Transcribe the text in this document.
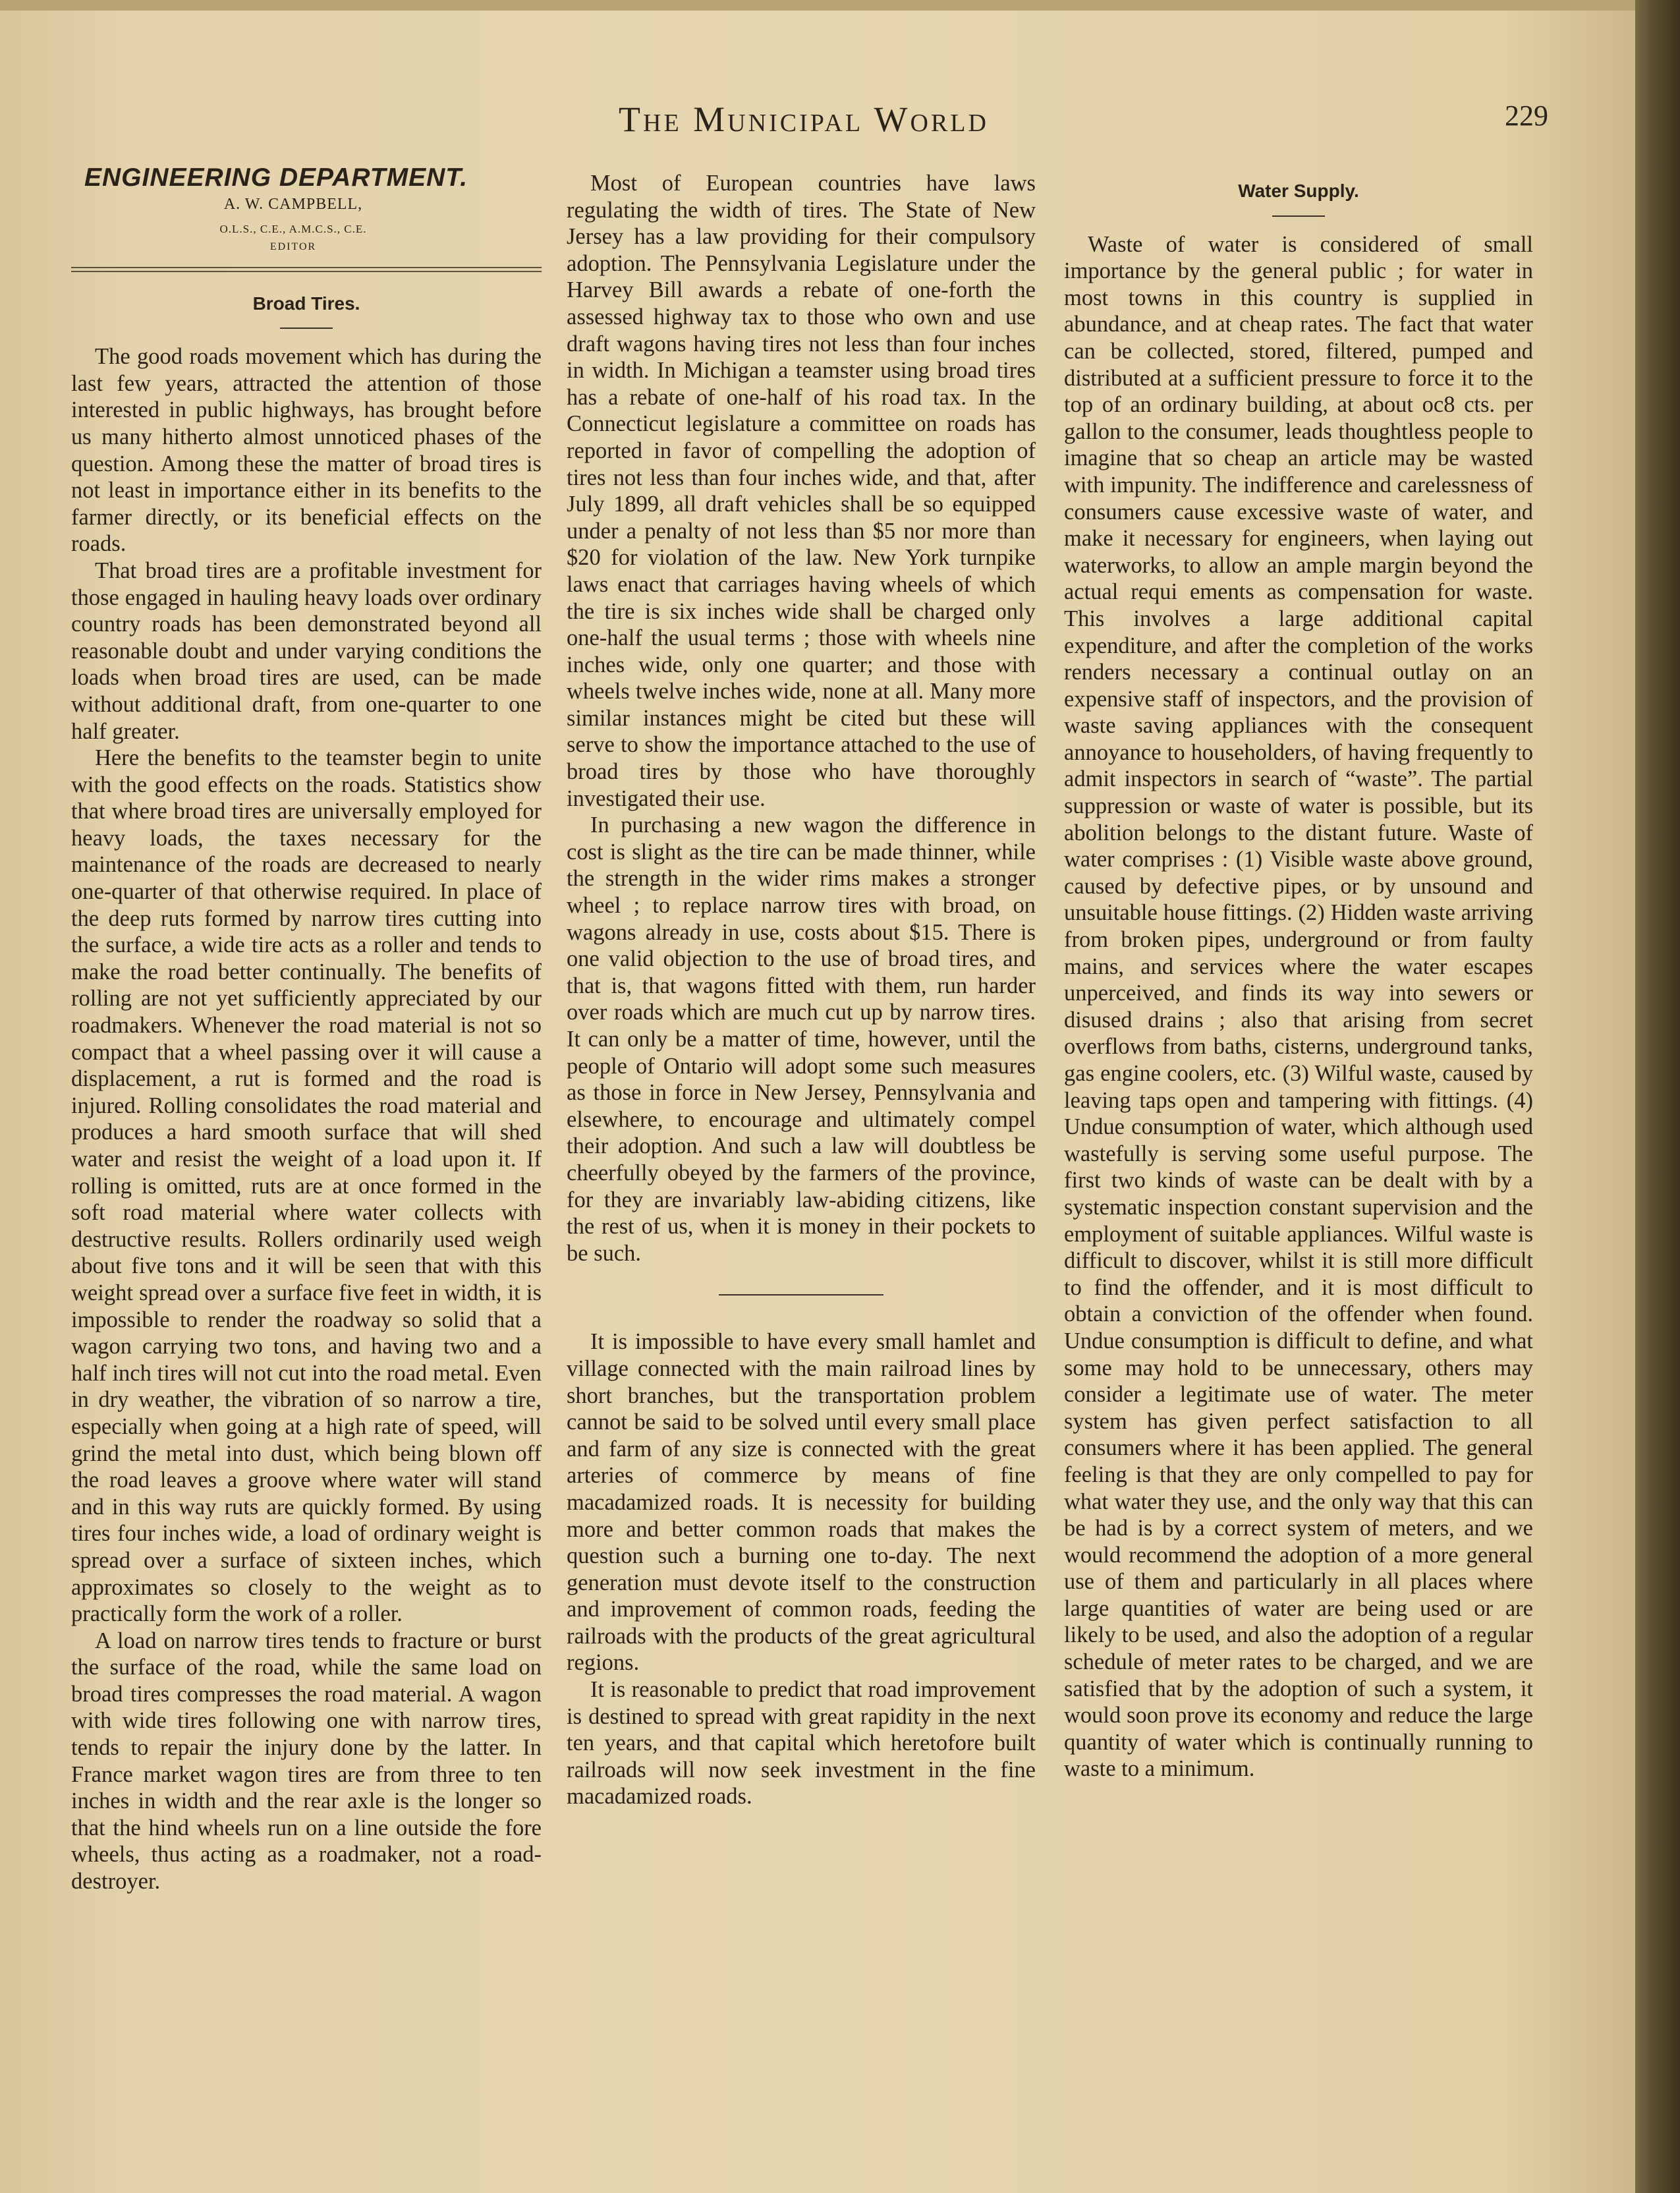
The Municipal World	229
ENGINEERING DEPARTMENT.
A. W. CAMPBELL,
O.L.S., C.E., A.M.C.S., C.E.
EDITOR
Broad Tires.

The good roads movement which has during the last few years, attracted the attention of those interested in public highways, has brought before us many hitherto almost unnoticed phases of the question. Among these the matter of broad tires is not least in importance either in its benefits to the farmer directly, or its beneficial effects on the roads.

That broad tires are a profitable investment for those engaged in hauling heavy loads over ordinary country roads has been demonstrated beyond all reasonable doubt and under varying conditions the loads when broad tires are used, can be made without additional draft, from one-quarter to one half greater.

Here the benefits to the teamster begin to unite with the good effects on the roads. Statistics show that where broad tires are universally employed for heavy loads, the taxes necessary for the maintenance of the roads are decreased to nearly one-quarter of that otherwise required. In place of the deep ruts formed by narrow tires cutting into the surface, a wide tire acts as a roller and tends to make the road better continually. The benefits of rolling are not yet sufficiently appreciated by our roadmakers. Whenever the road material is not so compact that a wheel passing over it will cause a displacement, a rut is formed and the road is injured. Rolling consolidates the road material and produces a hard smooth surface that will shed water and resist the weight of a load upon it. If rolling is omitted, ruts are at once formed in the soft road material where water collects with destructive results. Rollers ordinarily used weigh about five tons and it will be seen that with this weight spread over a surface five feet in width, it is impossible to render the roadway so solid that a wagon carrying two tons, and having two and a half inch tires will not cut into the road metal. Even in dry weather, the vibration of so narrow a tire, especially when going at a high rate of speed, will grind the metal into dust, which being blown off the road leaves a groove where water will stand and in this way ruts are quickly formed. By using tires four inches wide, a load of ordinary weight is spread over a surface of sixteen inches, which approximates so closely to the weight as to practically form the work of a roller.

A load on narrow tires tends to fracture or burst the surface of the road, while the same load on broad tires compresses the road material. A wagon with wide tires following one with narrow tires, tends to repair the injury done by the latter. In France market wagon tires are from three to ten inches in width and the rear axle is the longer so that the hind wheels run on a line outside the fore wheels, thus acting as a roadmaker, not a road-destroyer.

Most of European countries have laws regulating the width of tires. The State of New Jersey has a law providing for their compulsory adoption. The Pennsylvania Legislature under the Harvey Bill awards a rebate of one-forth the assessed highway tax to those who own and use draft wagons having tires not less than four inches in width. In Michigan a teamster using broad tires has a rebate of one-half of his road tax. In the Connecticut legislature a committee on roads has reported in favor of compelling the adoption of tires not less than four inches wide, and that, after July 1899, all draft vehicles shall be so equipped under a penalty of not less than $5 nor more than $20 for violation of the law. New York turnpike laws enact that carriages having wheels of which the tire is six inches wide shall be charged only one-half the usual terms ; those with wheels nine inches wide, only one quarter; and those with wheels twelve inches wide, none at all. Many more similar instances might be cited but these will serve to show the importance attached to the use of broad tires by those who have thoroughly investigated their use.

In purchasing a new wagon the difference in cost is slight as the tire can be made thinner, while the strength in the wider rims makes a stronger wheel ; to replace narrow tires with broad, on wagons already in use, costs about $15. There is one valid objection to the use of broad tires, and that is, that wagons fitted with them, run harder over roads which are much cut up by narrow tires. It can only be a matter of time, however, until the people of Ontario will adopt some such measures as those in force in New Jersey, Pennsylvania and elsewhere, to encourage and ultimately compel their adoption. And such a law will doubtless be cheerfully obeyed by the farmers of the province, for they are invariably law-abiding citizens, like the rest of us, when it is money in their pockets to be such.

It is impossible to have every small hamlet and village connected with the main railroad lines by short branches, but the transportation problem cannot be said to be solved until every small place and farm of any size is connected with the great arteries of commerce by means of fine macadamized roads. It is necessity for building more and better common roads that makes the question such a burning one to-day. The next generation must devote itself to the construction and improvement of common roads, feeding the railroads with the products of the great agricultural regions.

It is reasonable to predict that road improvement is destined to spread with great rapidity in the next ten years, and that capital which heretofore built railroads will now seek investment in the fine macadamized roads.

Water Supply.

Waste of water is considered of small importance by the general public ; for water in most towns in this country is supplied in abundance, and at cheap rates. The fact that water can be collected, stored, filtered, pumped and distributed at a sufficient pressure to force it to the top of an ordinary building, at about oc8 cts. per gallon to the consumer, leads thoughtless people to imagine that so cheap an article may be wasted with impunity. The indifference and carelessness of consumers cause excessive waste of water, and make it necessary for engineers, when laying out waterworks, to allow an ample margin beyond the actual requi ements as compensation for waste. This involves a large additional capital expenditure, and after the completion of the works renders necessary a continual outlay on an expensive staff of inspectors, and the provision of waste saving appliances with the consequent annoyance to householders, of having frequently to admit inspectors in search of “waste”. The partial suppression or waste of water is possible, but its abolition belongs to the distant future. Waste of water comprises : (1) Visible waste above ground, caused by defective pipes, or by unsound and unsuitable house fittings. (2) Hidden waste arriving from broken pipes, underground or from faulty mains, and services where the water escapes unperceived, and finds its way into sewers or disused drains ; also that arising from secret overflows from baths, cisterns, underground tanks, gas engine coolers, etc. (3) Wilful waste, caused by leaving taps open and tampering with fittings. (4) Undue consumption of water, which although used wastefully is serving some useful purpose. The first two kinds of waste can be dealt with by a systematic inspection constant supervision and the employment of suitable appliances. Wilful waste is difficult to discover, whilst it is still more difficult to find the offender, and it is most difficult to obtain a conviction of the offender when found. Undue consumption is difficult to define, and what some may hold to be unnecessary, others may consider a legitimate use of water. The meter system has given perfect satisfaction to all consumers where it has been applied. The general feeling is that they are only compelled to pay for what water they use, and the only way that this can be had is by a correct system of meters, and we would recommend the adoption of a more general use of them and particularly in all places where large quantities of water are being used or are likely to be used, and also the adoption of a regular schedule of meter rates to be charged, and we are satisfied that by the adoption of such a system, it would soon prove its economy and reduce the large quantity of water which is continually running to waste to a minimum.
